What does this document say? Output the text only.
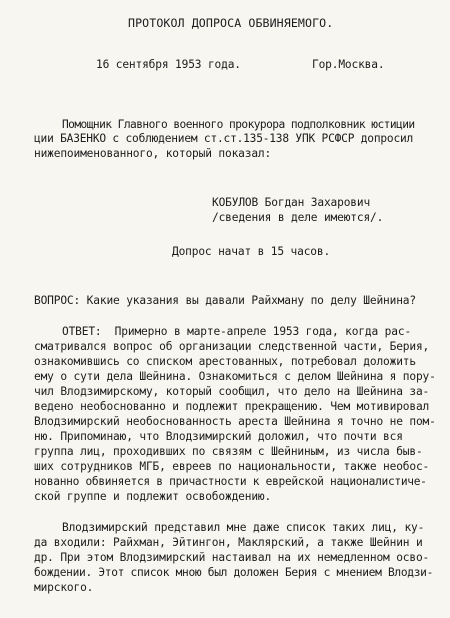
ПРОТОКОЛ ДОПРОСА ОБВИНЯЕМОГО.
16 сентября 1953 года.	Гор.Москва.
Помощник Главного военного прокурора подполковник юстиции
ции БАЗЕНКО с соблюдением ст.ст.135-138 УПК РСФСР допросил
нижепоименованного, который показал:
КОБУЛОВ Богдан Захарович
/сведения в деле имеются/.
Допрос начат в 15 часов.
ВОПРОС: Какие указания вы давали Райхману по делу Шейнина?
ОТВЕТ:  Примерно в марте-апреле 1953 года, когда рас-
сматривался вопрос об организации следственной части, Берия,
ознакомившись со списком арестованных, потребовал доложить
ему о сути дела Шейнина. Ознакомиться с делом Шейнина я пору-
чил Влодзимирскому, который сообщил, что дело на Шейнина за-
ведено необоснованно и подлежит прекращению. Чем мотивировал
Влодзимирский необоснованность ареста Шейнина я точно не пом-
ню. Припоминаю, что Влодзимирский доложил, что почти вся
группа лиц, проходивших по связям с Шейниным, из числа быв-
ших сотрудников МГБ, евреев по национальности, также необос-
нованно обвиняется в причастности к еврейской националистиче-
ской группе и подлежит освобождению.
Влодзимирский представил мне даже список таких лиц, ку-
да входили: Райхман, Эйтингон, Маклярский, а также Шейнин и
др. При этом Влодзимирский настаивал на их немедленном осво-
бождении. Этот список мною был доложен Берия с мнением Влодзи-
мирского.
